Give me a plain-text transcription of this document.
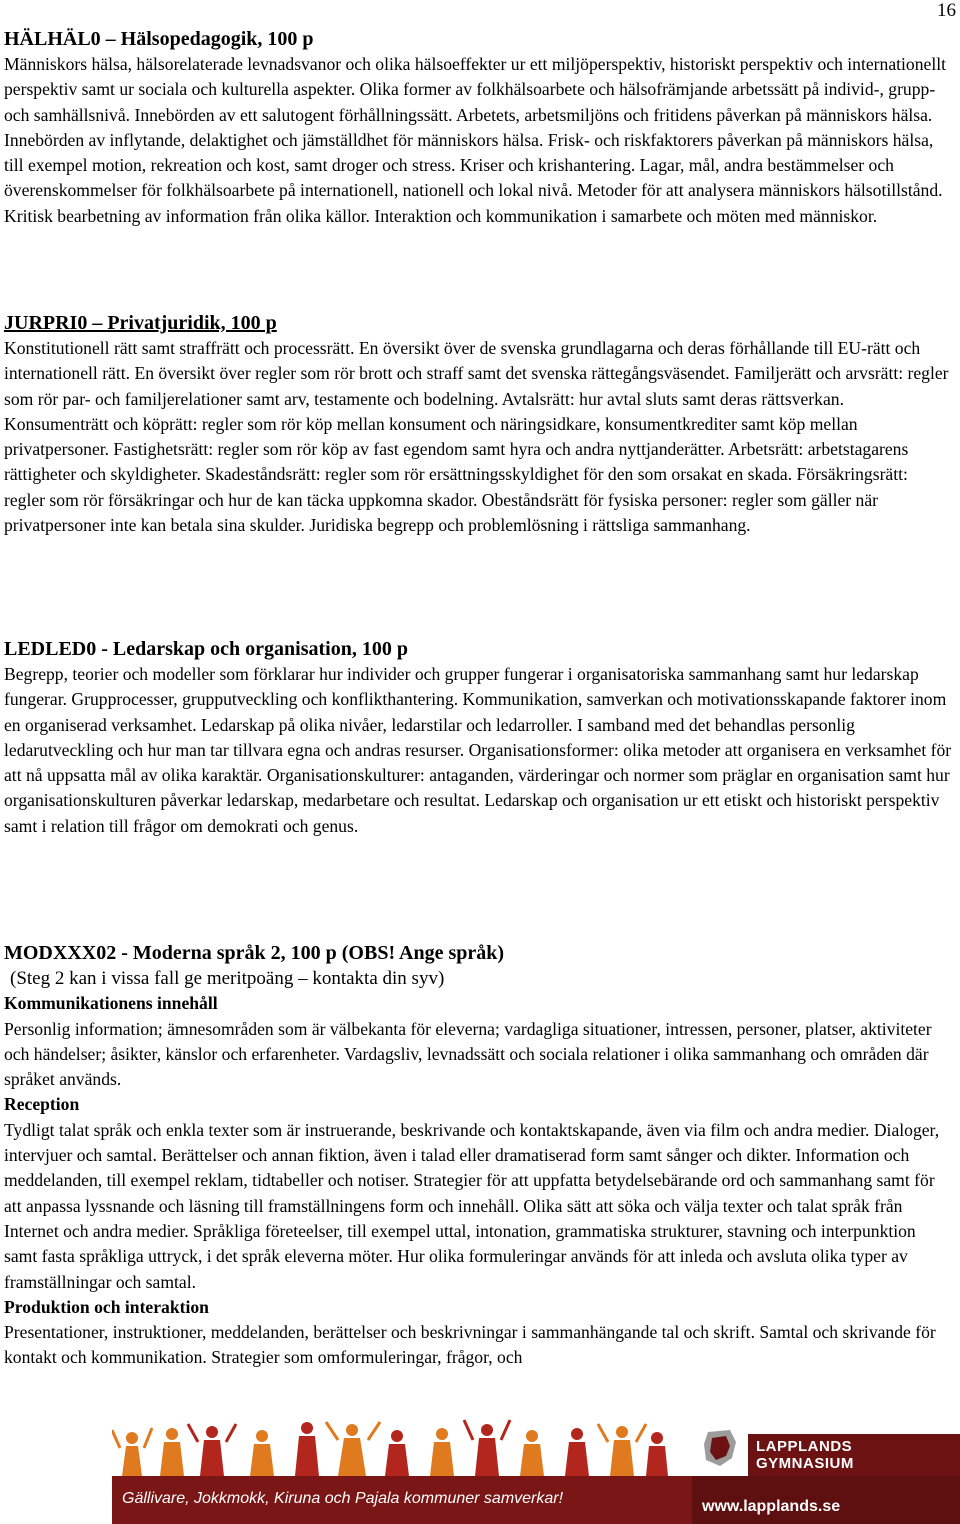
16
HÄLHÄL0 – Hälsopedagogik, 100 p

Människors hälsa, hälsorelaterade levnadsvanor och olika hälsoeffekter ur ett miljöperspektiv, historiskt perspektiv och internationellt perspektiv samt ur sociala och kulturella aspekter. Olika former av folkhälsoarbete och hälsofrämjande arbetssätt på individ-, grupp- och samhällsnivå. Innebörden av ett salutogent förhållningssätt. Arbetets, arbetsmiljöns och fritidens påverkan på människors hälsa. Innebörden av inflytande, delaktighet och jämställdhet för människors hälsa. Frisk- och riskfaktorers påverkan på människors hälsa, till exempel motion, rekreation och kost, samt droger och stress. Kriser och krishantering. Lagar, mål, andra bestämmelser och överenskommelser för folkhälsoarbete på internationell, nationell och lokal nivå. Metoder för att analysera människors hälsotillstånd. Kritisk bearbetning av information från olika källor. Interaktion och kommunikation i samarbete och möten med människor.

JURPRI0 – Privatjuridik, 100 p

Konstitutionell rätt samt straffrätt och processrätt. En översikt över de svenska grundlagarna och deras förhållande till EU-rätt och internationell rätt. En översikt över regler som rör brott och straff samt det svenska rättegångsväsendet. Familjerätt och arvsrätt: regler som rör par- och familjerelationer samt arv, testamente och bodelning. Avtalsrätt: hur avtal sluts samt deras rättsverkan. Konsumenträtt och köprätt: regler som rör köp mellan konsument och näringsidkare, konsumentkrediter samt köp mellan privatpersoner. Fastighetsrätt: regler som rör köp av fast egendom samt hyra och andra nyttjanderätter. Arbetsrätt: arbetstagarens rättigheter och skyldigheter. Skadeståndsrätt: regler som rör ersättningsskyldighet för den som orsakat en skada. Försäkringsrätt: regler som rör försäkringar och hur de kan täcka uppkomna skador. Obeståndsrätt för fysiska personer: regler som gäller när privatpersoner inte kan betala sina skulder. Juridiska begrepp och problemlösning i rättsliga sammanhang.

LEDLED0 - Ledarskap och organisation, 100 p

Begrepp, teorier och modeller som förklarar hur individer och grupper fungerar i organisatoriska sammanhang samt hur ledarskap fungerar. Grupprocesser, grupputveckling och konflikthantering. Kommunikation, samverkan och motivationsskapande faktorer inom en organiserad verksamhet. Ledarskap på olika nivåer, ledarstilar och ledarroller. I samband med det behandlas personlig ledarutveckling och hur man tar tillvara egna och andras resurser. Organisationsformer: olika metoder att organisera en verksamhet för att nå uppsatta mål av olika karaktär. Organisationskulturer: antaganden, värderingar och normer som präglar en organisation samt hur organisationskulturen påverkar ledarskap, medarbetare och resultat. Ledarskap och organisation ur ett etiskt och historiskt perspektiv samt i relation till frågor om demokrati och genus.

MODXXX02 - Moderna språk 2, 100 p (OBS! Ange språk)

(Steg 2 kan i vissa fall ge meritpoäng – kontakta din syv)

Kommunikationens innehåll

Personlig information; ämnesområden som är välbekanta för eleverna; vardagliga situationer, intressen, personer, platser, aktiviteter och händelser; åsikter, känslor och erfarenheter. Vardagsliv, levnadssätt och sociala relationer i olika sammanhang och områden där språket används.

Reception

Tydligt talat språk och enkla texter som är instruerande, beskrivande och kontaktskapande, även via film och andra medier. Dialoger, intervjuer och samtal. Berättelser och annan fiktion, även i talad eller dramatiserad form samt sånger och dikter. Information och meddelanden, till exempel reklam, tidtabeller och notiser. Strategier för att uppfatta betydelsebärande ord och sammanhang samt för att anpassa lyssnande och läsning till framställningens form och innehåll. Olika sätt att söka och välja texter och talat språk från Internet och andra medier. Språkliga företeelser, till exempel uttal, intonation, grammatiska strukturer, stavning och interpunktion samt fasta språkliga uttryck, i det språk eleverna möter. Hur olika formuleringar används för att inleda och avsluta olika typer av framställningar och samtal.

Produktion och interaktion

Presentationer, instruktioner, meddelanden, berättelser och beskrivningar i sammanhängande tal och skrift. Samtal och skrivande för kontakt och kommunikation. Strategier som omformuleringar, frågor, och

Gällivare, Jokkmokk, Kiruna och Pajala kommuner samverkar!	www.lapplands.se
LAPPLANDS GYMNASIUM
